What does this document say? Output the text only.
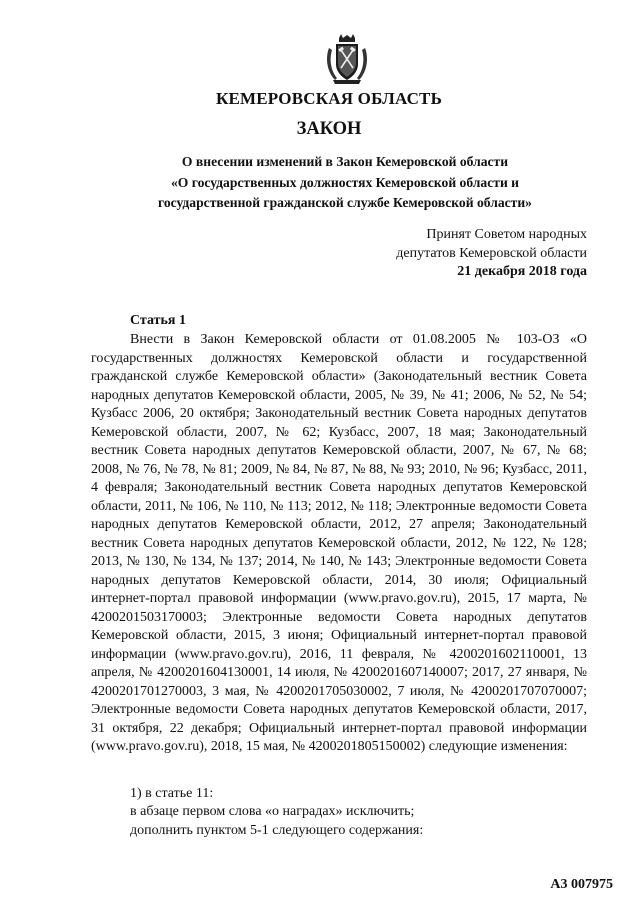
КЕМЕРОВСКАЯ ОБЛАСТЬ
ЗАКОН
О внесении изменений в Закон Кемеровской области
«О государственных должностях Кемеровской области и
государственной гражданской службе Кемеровской области»
Принят Советом народных
депутатов Кемеровской области
21 декабря 2018 года
Статья 1
Внести в Закон Кемеровской области от 01.08.2005 № 103-ОЗ «О государственных должностях Кемеровской области и государственной гражданской службе Кемеровской области» (Законодательный вестник Совета народных депутатов Кемеровской области, 2005, № 39, № 41; 2006, № 52, № 54; Кузбасс 2006, 20 октября; Законодательный вестник Совета народных депутатов Кемеровской области, 2007, № 62; Кузбасс, 2007, 18 мая; Законодательный вестник Совета народных депутатов Кемеровской области, 2007, № 67, № 68; 2008, № 76, № 78, № 81; 2009, № 84, № 87, № 88, № 93; 2010, № 96; Кузбасс, 2011, 4 февраля; Законодательный вестник Совета народных депутатов Кемеровской области, 2011, № 106, № 110, № 113; 2012, № 118; Электронные ведомости Совета народных депутатов Кемеровской области, 2012, 27 апреля; Законодательный вестник Совета народных депутатов Кемеровской области, 2012, № 122, № 128; 2013, № 130, № 134, № 137; 2014, № 140, № 143; Электронные ведомости Совета народных депутатов Кемеровской области, 2014, 30 июля; Официальный интернет-портал правовой информации (www.pravo.gov.ru), 2015, 17 марта, № 4200201503170003; Электронные ведомости Совета народных депутатов Кемеровской области, 2015, 3 июня; Официальный интернет-портал правовой информации (www.pravo.gov.ru), 2016, 11 февраля, № 4200201602110001, 13 апреля, № 4200201604130001, 14 июля, № 4200201607140007; 2017, 27 января, № 4200201701270003, 3 мая, № 4200201705030002, 7 июля, № 4200201707070007; Электронные ведомости Совета народных депутатов Кемеровской области, 2017, 31 октября, 22 декабря; Официальный интернет-портал правовой информации (www.pravo.gov.ru), 2018, 15 мая, № 4200201805150002) следующие изменения:
1) в статье 11:
в абзаце первом слова «о наградах» исключить;
дополнить пунктом 5-1 следующего содержания:
А3 007975
